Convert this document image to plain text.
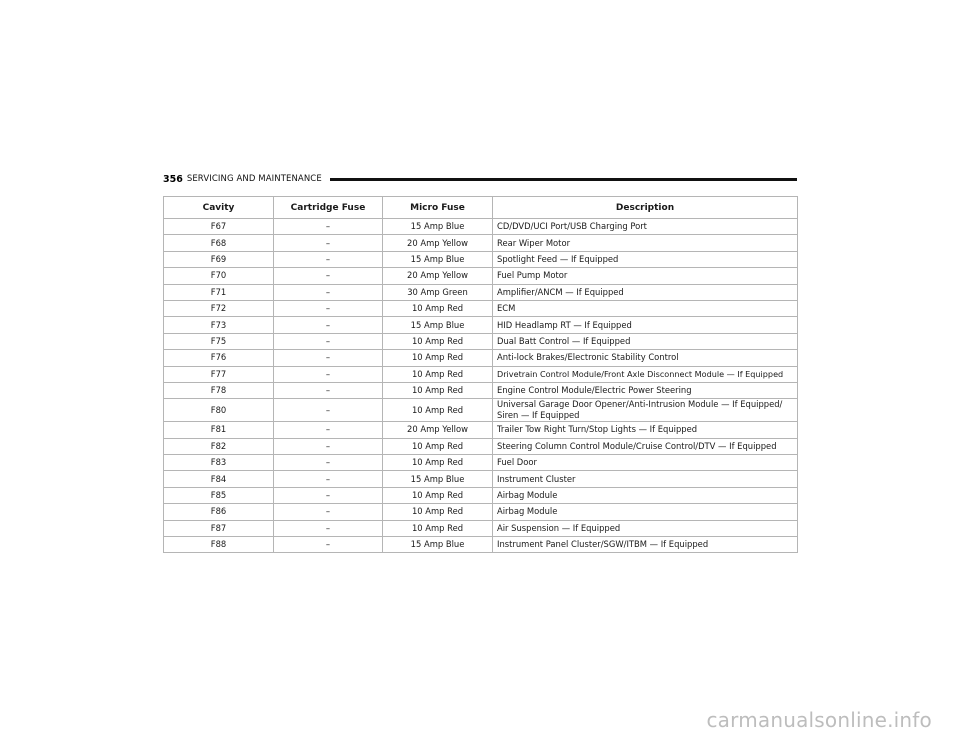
356 SERVICING AND MAINTENANCE
Cavity	Cartridge Fuse	Micro Fuse	Description
F67	–	15 Amp Blue	CD/DVD/UCI Port/USB Charging Port
F68	–	20 Amp Yellow	Rear Wiper Motor
F69	–	15 Amp Blue	Spotlight Feed — If Equipped
F70	–	20 Amp Yellow	Fuel Pump Motor
F71	–	30 Amp Green	Amplifier/ANCM — If Equipped
F72	–	10 Amp Red	ECM
F73	–	15 Amp Blue	HID Headlamp RT — If Equipped
F75	–	10 Amp Red	Dual Batt Control — If Equipped
F76	–	10 Amp Red	Anti-lock Brakes/Electronic Stability Control
F77	–	10 Amp Red	Drivetrain Control Module/Front Axle Disconnect Module — If Equipped
F78	–	10 Amp Red	Engine Control Module/Electric Power Steering
F80	–	10 Amp Red	Universal Garage Door Opener/Anti-Intrusion Module — If Equipped/
Siren — If Equipped

F81	–	20 Amp Yellow	Trailer Tow Right Turn/Stop Lights — If Equipped
F82	–	10 Amp Red	Steering Column Control Module/Cruise Control/DTV — If Equipped
F83	–	10 Amp Red	Fuel Door
F84	–	15 Amp Blue	Instrument Cluster
F85	–	10 Amp Red	Airbag Module
F86	–	10 Amp Red	Airbag Module
F87	–	10 Amp Red	Air Suspension — If Equipped
F88	–	15 Amp Blue	Instrument Panel Cluster/SGW/ITBM — If Equipped
carmanualsonline.info
